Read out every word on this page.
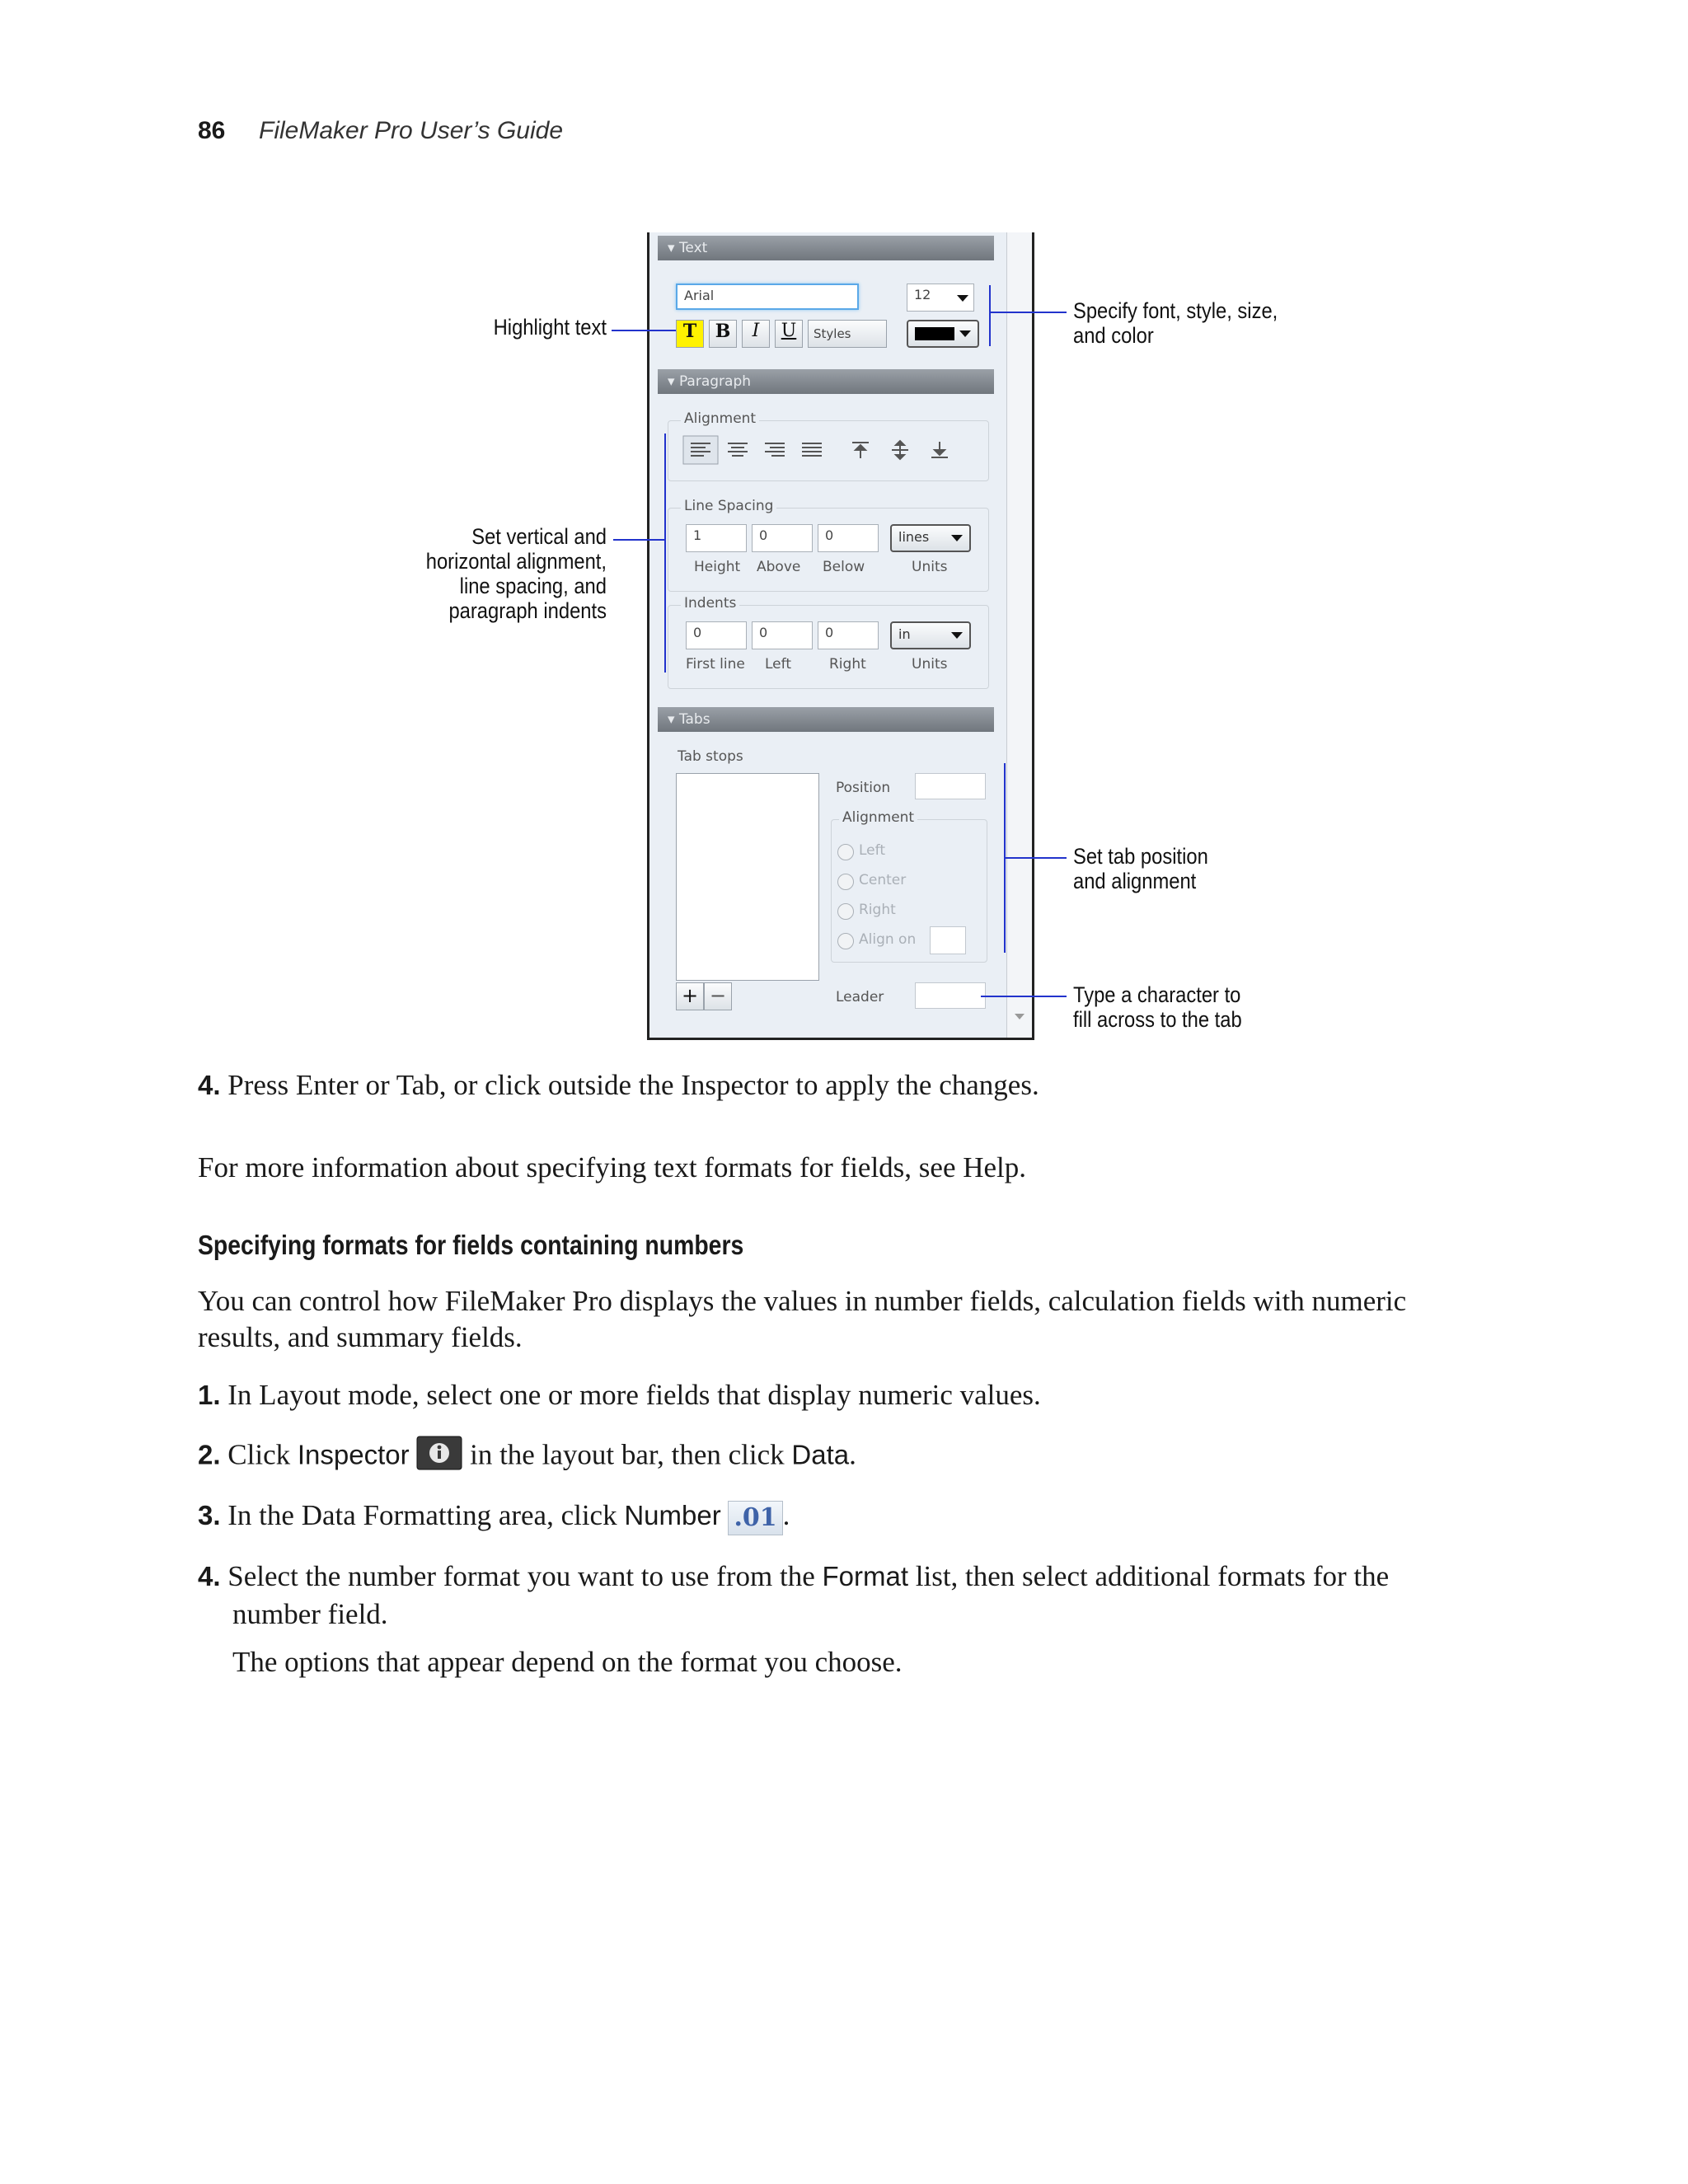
86 FileMaker Pro User’s Guide
▾ Text
Arial	12
T	B	I	U	Styles
▾ Paragraph
Alignment
Line Spacing
1	0	0	lines
Height Above Below	Units
Indents
0	0	0	in
First line Left	Right	Units
▾ Tabs
Tab stops
Position
Alignment
Left
Center
Right
Align on
+ −	Leader
Highlight text
Specify font, style, size,
and color
Set vertical and
horizontal alignment,
line spacing, and
paragraph indents
Set tab position
and alignment
Type a character to
fill across to the tab
4. Press Enter or Tab, or click outside the Inspector to apply the changes.
For more information about specifying text formats for fields, see Help.
Specifying formats for fields containing numbers
You can control how FileMaker Pro displays the values in number fields, calculation fields with numeric
results, and summary fields.
1. In Layout mode, select one or more fields that display numeric values.
2. Click Inspector in the layout bar, then click Data.
3. In the Data Formatting area, click Number .01 .
4. Select the number format you want to use from the Format list, then select additional formats for the
number field.
The options that appear depend on the format you choose.
